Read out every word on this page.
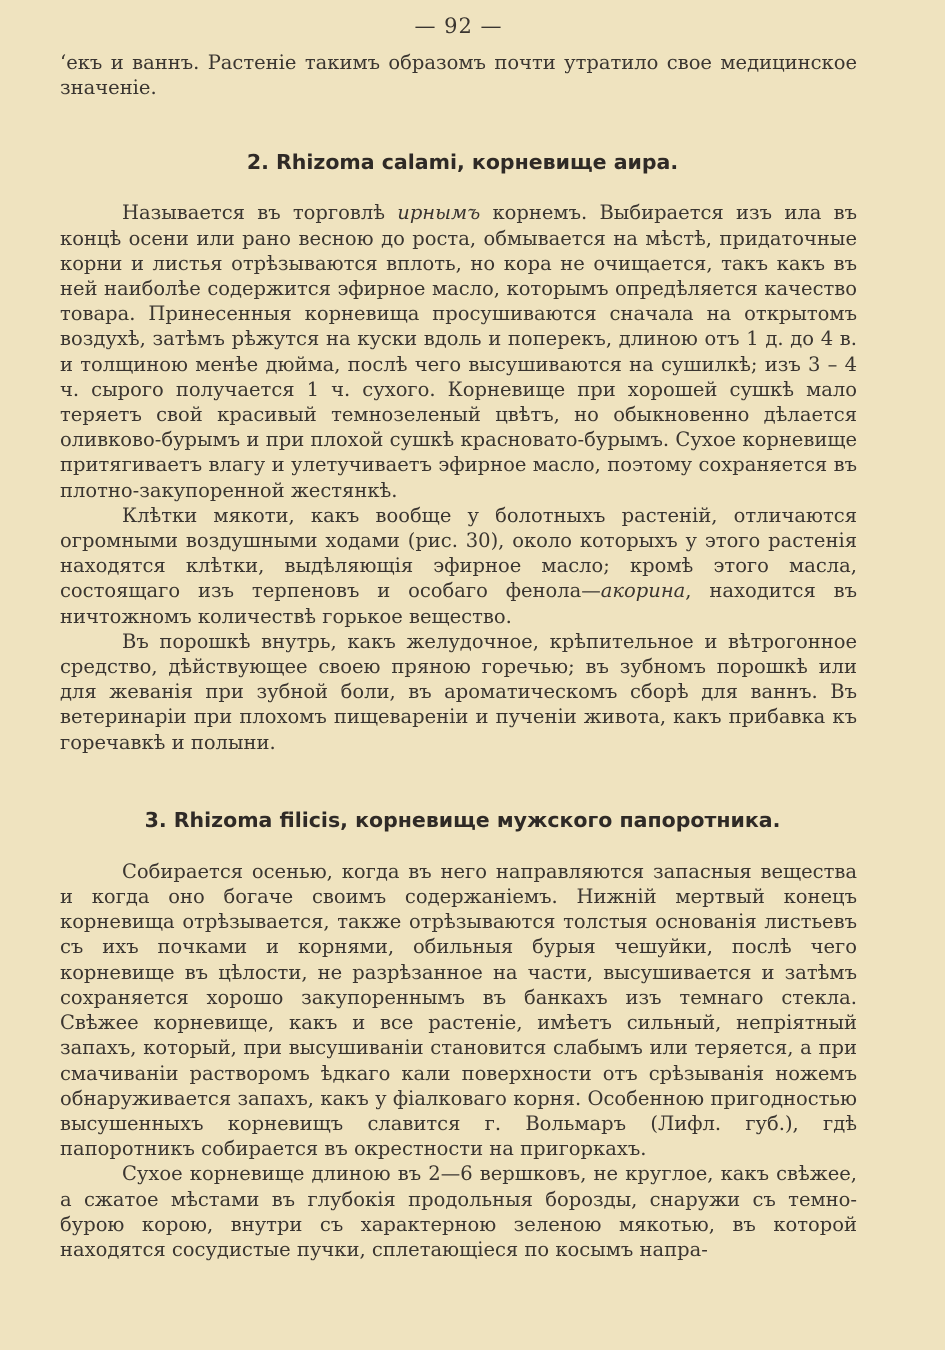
— 92 —

ʻекъ и ваннъ. Растеніе такимъ образомъ почти утратило свое медицинское значеніе.

2. Rhizoma calami, корневище аира.

Называется въ торговлѣ ирнымъ корнемъ. Выбирается изъ ила въ концѣ осени или рано весною до роста, обмывается на мѣстѣ, придаточные корни и листья отрѣзываются вплоть, но кора не очищается, такъ какъ въ ней наиболѣе содержится эфирное масло, которымъ опредѣляется качество товара. Принесенныя корневища просушиваются сначала на открытомъ воздухѣ, затѣмъ рѣжутся на куски вдоль и поперекъ, длиною отъ 1 д. до 4 в. и толщиною менѣе дюйма, послѣ чего высушиваются на сушилкѣ; изъ 3 – 4 ч. сырого получается 1 ч. сухого. Корневище при хорошей сушкѣ мало теряетъ свой красивый темнозеленый цвѣтъ, но обыкновенно дѣлается оливково-бурымъ и при плохой сушкѣ красновато-бурымъ. Сухое корневище притягиваетъ влагу и улетучиваетъ эфирное масло, поэтому сохраняется въ плотно-закупоренной жестянкѣ.

Клѣтки мякоти, какъ вообще у болотныхъ растеній, отличаются огромными воздушными ходами (рис. 30), около которыхъ у этого растенія находятся клѣтки, выдѣляющія эфирное масло; кромѣ этого масла, состоящаго изъ терпеновъ и особаго фенола—акорина, находится въ ничтожномъ количествѣ горькое вещество.

Въ порошкѣ внутрь, какъ желудочное, крѣпительное и вѣтрогонное средство, дѣйствующее своею пряною горечью; въ зубномъ порошкѣ или для жеванія при зубной боли, въ ароматическомъ сборѣ для ваннъ. Въ ветеринаріи при плохомъ пищевареніи и пученіи живота, какъ прибавка къ горечавкѣ и полыни.

3. Rhizoma filicis, корневище мужского папоротника.

Собирается осенью, когда въ него направляются запасныя вещества и когда оно богаче своимъ содержаніемъ. Нижній мертвый конецъ корневища отрѣзывается, также отрѣзываются толстыя основанія листьевъ съ ихъ почками и корнями, обильныя бурыя чешуйки, послѣ чего корневище въ цѣлости, не разрѣзанное на части, высушивается и затѣмъ сохраняется хорошо закупореннымъ въ банкахъ изъ темнаго стекла. Свѣжее корневище, какъ и все растеніе, имѣетъ сильный, непріятный запахъ, который, при высушиваніи становится слабымъ или теряется, а при смачиваніи растворомъ ѣдкаго кали поверхности отъ срѣзыванія ножемъ обнаруживается запахъ, какъ у фіалковаго корня. Особенною пригодностью высушенныхъ корневищъ славится г. Вольмаръ (Лифл. губ.), гдѣ папоротникъ собирается въ окрестности на пригоркахъ.

Сухое корневище длиною въ 2—6 вершковъ, не круглое, какъ свѣжее, а сжатое мѣстами въ глубокія продольныя борозды, снаружи съ темно-бурою корою, внутри съ характерною зеленою мякотью, въ которой находятся сосудистые пучки, сплетающіеся по косымъ напра-
